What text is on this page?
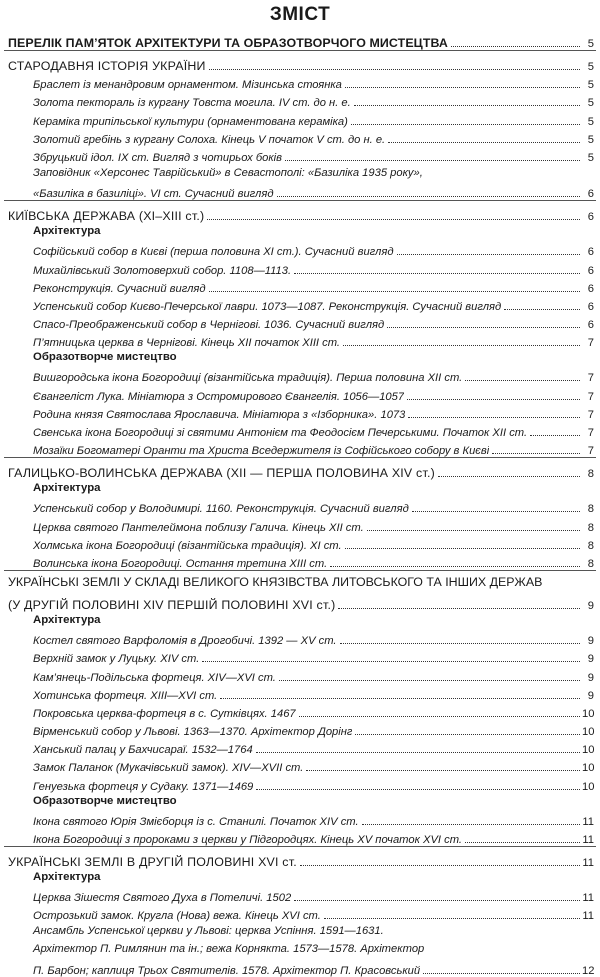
ЗМІСТ
ПЕРЕЛІК ПАМ’ЯТОК АРХІТЕКТУРИ ТА ОБРАЗОТВОРЧОГО МИСТЕЦТВА	5
СТАРОДАВНЯ ІСТОРІЯ УКРАЇНИ	5
Браслет із менандровим орнаментом. Мізинська стоянка	5
Золота пектораль із кургану Товста могила. IV ст. до н. е.	5
Кераміка трипільської культури (орнаментована кераміка)	5
Золотий гребінь з кургану Солоха. Кінець V початок V ст. до н. е.	5
Збруцький ідол. IX ст. Вигляд з чотирьох боків	5
Заповідник «Херсонес Таврійський» в Севастополі: «Базиліка 1935 року»,
«Базиліка в базиліці». VI ст. Сучасний вигляд	6
КИЇВСЬКА ДЕРЖАВА (XI–XIII ст.)	6
Архітектура
Софійський собор в Києві (перша половина XI ст.). Сучасний вигляд	6
Михайлівський Золотоверхий собор. 1108—1113.	6
Реконструкція. Сучасний вигляд	6
Успенський собор Києво-Печерської лаври. 1073—1087. Реконструкція. Сучасний вигляд	6
Спасо-Преображенський собор в Чернігові. 1036. Сучасний вигляд	6
П’ятницька церква в Чернігові. Кінець XII початок XIII ст.	7
Образотворче мистецтво
Вишгородська ікона Богородиці (візантійська традиція). Перша половина XII ст.	7
Євангеліст Лука. Мініатюра з Остромирового Євангелія. 1056—1057	7
Родина князя Святослава Ярославича. Мініатюра з «Ізборника». 1073	7
Свенська ікона Богородиці зі святими Антонієм та Феодосієм Печерськими. Початок XII ст.	7
Мозаїки Богоматері Оранти та Христа Вседержителя із Софійського собору в Києві	7
ГАЛИЦЬКО-ВОЛИНСЬКА ДЕРЖАВА (XII — ПЕРША ПОЛОВИНА XIV ст.)	8
Архітектура
Успенський собор у Володимирі. 1160. Реконструкція. Сучасний вигляд	8
Церква святого Пантелеймона поблизу Галича. Кінець XII ст.	8
Холмська ікона Богородиці (візантійська традиція). XI ст.	8
Волинська ікона Богородиці. Остання третина XIII ст.	8
УКРАЇНСЬКІ ЗЕМЛІ У СКЛАДІ ВЕЛИКОГО КНЯЗІВСТВА ЛИТОВСЬКОГО ТА ІНШИХ ДЕРЖАВ
(У ДРУГІЙ ПОЛОВИНІ XIV ПЕРШІЙ ПОЛОВИНІ XVI ст.)	9
Архітектура
Костел святого Варфоломія в Дрогобичі. 1392 — XV ст.	9
Верхній замок у Луцьку. XIV ст.	9
Кам’янець-Подільська фортеця. XIV—XVI ст.	9
Хотинська фортеця. XIII—XVI ст.	9
Покровська церква-фортеця в с. Сутківцях. 1467	10
Вірменський собор у Львові. 1363—1370. Архітектор Дорінг	10
Ханський палац у Бахчисараї. 1532—1764	10
Замок Паланок (Мукачівський замок). XIV—XVII ст.	10
Генуезька фортеця у Судаку. 1371—1469	10
Образотворче мистецтво
Ікона святого Юрія Змієборця із с. Станилі. Початок XIV ст.	11
Ікона Богородиці з пророками з церкви у Підгородцях. Кінець XV початок XVI ст.	11
УКРАЇНСЬКІ ЗЕМЛІ В ДРУГІЙ ПОЛОВИНІ XVI ст.	11
Архітектура
Церква Зішестя Святого Духа в Потеличі. 1502	11
Острозький замок. Кругла (Нова) вежа. Кінець XVI ст.	11
Ансамбль Успенської церкви у Львові: церква Успіння. 1591—1631.
Архітектор П. Римлянин та ін.; вежа Корнякта. 1573—1578. Архітектор
П. Барбон; каплиця Трьох Святителів. 1578. Архітектор П. Красовський	12
